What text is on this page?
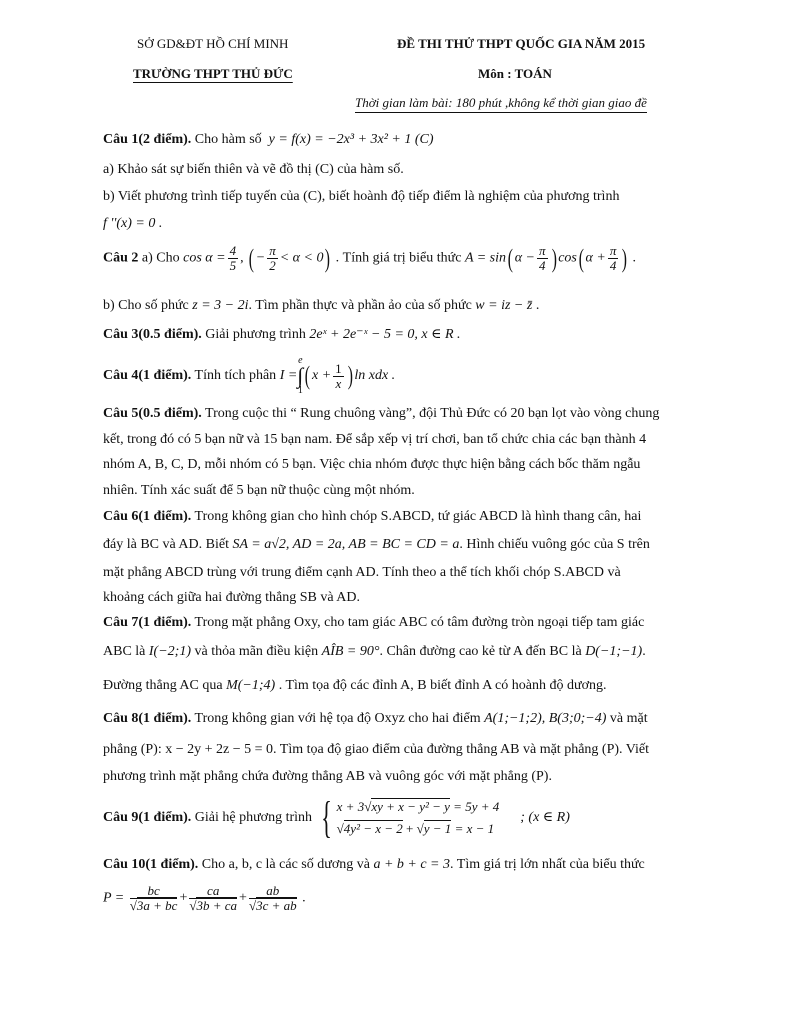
SỞ GD&ĐT HỒ CHÍ MINH
TRƯỜNG THPT THỦ ĐỨC
ĐỀ THI THỬ THPT QUỐC GIA NĂM 2015
Môn : TOÁN
Thời gian làm bài: 180 phút ,không kể thời gian giao đề
Câu 1(2 điểm). Cho hàm số  y = f(x) = −2x³ + 3x² + 1 (C)
a) Khảo sát sự biến thiên và vẽ đồ thị (C) của hàm số.
b) Viết phương trình tiếp tuyến của (C), biết hoành độ tiếp điểm là nghiệm của phương trình
f ''(x) = 0 .
Câu 2 a) Cho $\cos \alpha = \frac{4}{5}$ , ( − $\frac{\pi}{2} < \alpha < 0$) . Tính giá trị biểu thức A = sin( $\alpha - \frac{\pi}{4}$ ) cos( $\alpha + \frac{\pi}{4}$ ) .
b) Cho số phức z = 3 − 2i. Tìm phần thực và phần ảo của số phức w = iz − z̄ .
Câu 3(0.5 điểm). Giải phương trình 2eˣ + 2e⁻ˣ − 5 = 0, x ∈ R .
Câu 4(1 điểm). Tính tích phân I =
e
∫
1
( $x + \frac{1}{x}$ ) ln xdx .
Câu 5(0.5 điểm). Trong cuộc thi “ Rung chuông vàng”, đội Thủ Đức có 20 bạn lọt vào vòng chung
kết, trong đó có 5 bạn nữ và 15 bạn nam. Để sắp xếp vị trí chơi, ban tổ chức chia các bạn thành 4
nhóm A, B, C, D, mỗi nhóm có 5 bạn. Việc chia nhóm được thực hiện bằng cách bốc thăm ngẫu
nhiên. Tính xác suất để 5 bạn nữ thuộc cùng một nhóm.
Câu 6(1 điểm). Trong không gian cho hình chóp S.ABCD, tứ giác ABCD là hình thang cân, hai
đáy là BC và AD. Biết SA = a√2, AD = 2a, AB = BC = CD = a. Hình chiếu vuông góc của S trên
mặt phẳng ABCD trùng với trung điểm cạnh AD. Tính theo a thể tích khối chóp S.ABCD và
khoảng cách giữa hai đường thẳng SB và AD.
Câu 7(1 điểm). Trong mặt phẳng Oxy, cho tam giác ABC có tâm đường tròn ngoại tiếp tam giác
ABC là I(−2;1) và thỏa mãn điều kiện AÎB = 90°. Chân đường cao kẻ từ A đến BC là D(−1;−1).
Đường thẳng AC qua M(−1;4) . Tìm tọa độ các đỉnh A, B biết đỉnh A có hoành độ dương.
Câu 8(1 điểm). Trong không gian với hệ tọa độ Oxyz cho hai điểm A(1;−1;2), B(3;0;−4) và mặt
phẳng (P): x − 2y + 2z − 5 = 0. Tìm tọa độ giao điểm của đường thẳng AB và mặt phẳng (P). Viết
phương trình mặt phẳng chứa đường thẳng AB và vuông góc với mặt phẳng (P).
Câu 9(1 điểm). Giải hệ phương trình { x + 3√xy + x − y² − y = 5y + 4
√4y² − x − 2 + √y − 1 = x − 1
; (x ∈ R)
Câu 10(1 điểm). Cho a, b, c là các số dương và a + b + c = 3. Tìm giá trị lớn nhất của biểu thức
$P = \frac{bc}{√3a + bc} + \frac{ca}{√3b + ca} + \frac{ab}{√3c + ab}$ .
